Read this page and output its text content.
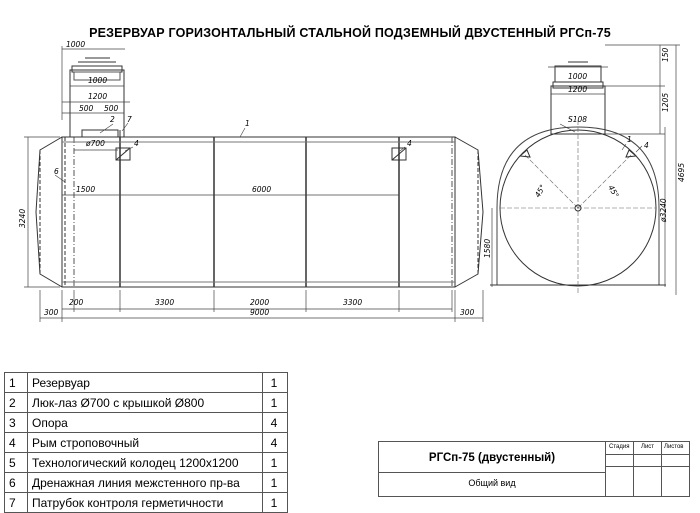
РЕЗЕРВУАР ГОРИЗОНТАЛЬНЫЙ СТАЛЬНОЙ ПОДЗЕМНЫЙ ДВУСТЕННЫЙ РГСп-75
1000
1000
1200
500 500
ø700
1500	6000
3240
200	3300	2000	3300
300	9000	300
1
2 7
4	4
6
1000
1200
S108
150
1205
4695
ø3240
1580
45°	45°
1
4
1	Резервуар	1
2	Люк-лаз Ø700 с крышкой Ø800	1
3	Опора	4
4	Рым строповочный	4
5	Технологический колодец 1200х1200	1
6	Дренажная линия межстенного пр-ва	1
7	Патрубок контроля герметичности	1
РГСп-75 (двустенный)
Общий вид
Стадия Лист Листов
